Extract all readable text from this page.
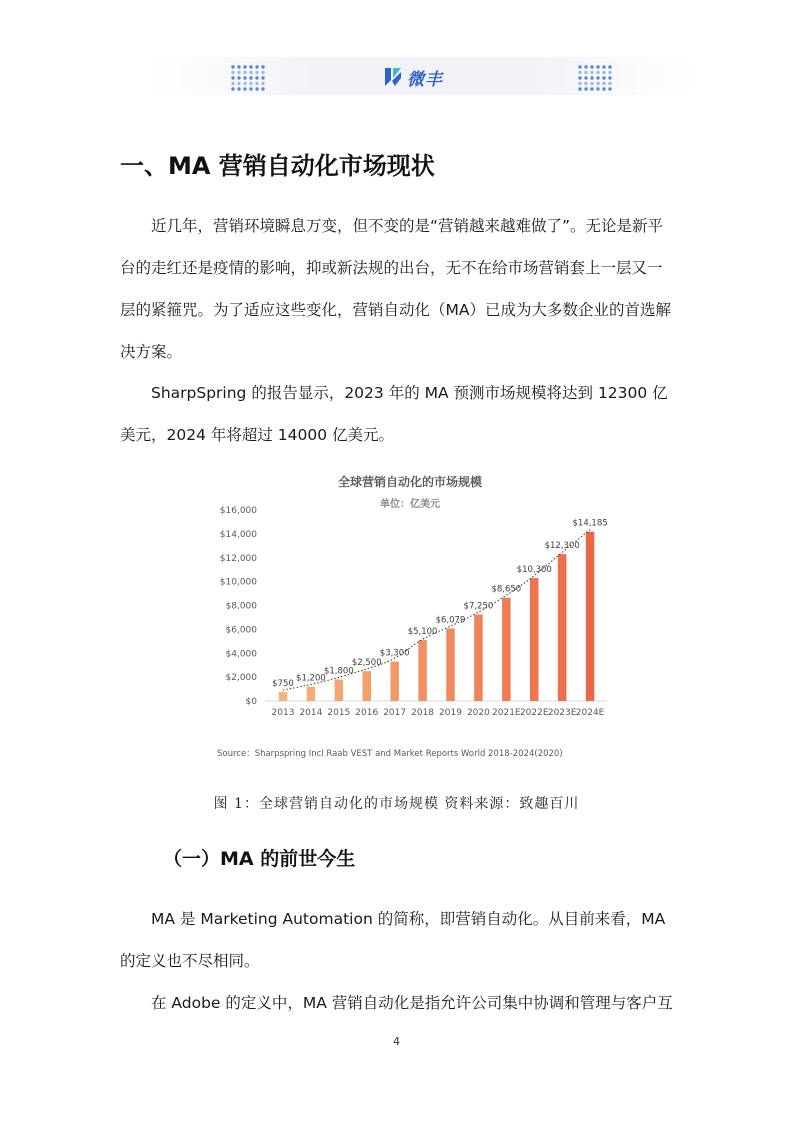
微丰
一、MA 营销自动化市场现状
近几年，营销环境瞬息万变，但不变的是“营销越来越难做了”。无论是新平台的走红还是疫情的影响，抑或新法规的出台，无不在给市场营销套上一层又一层的紧箍咒。为了适应这些变化，营销自动化（MA）已成为大多数企业的首选解决方案。
SharpSpring 的报告显示，2023 年的 MA 预测市场规模将达到 12300 亿美元，2024 年将超过 14000 亿美元。
全球营销自动化的市场规模
单位：亿美元
$0
$2,000
$4,000
$6,000
$8,000
$10,000
$12,000
$14,000
$16,000
$750
$1,200
$1,800
$2,500
$3,300
$5,100
$6,079
$7,250
$8,650
$10,300
$12,300
$14,185
2013 2014 2015 2016 2017 2018 2019 2020 2021E 2022E 2023E 2024E
Source：Sharpspring Incl Raab VEST and Market Reports World 2018-2024(2020)
图 1：全球营销自动化的市场规模 资料来源：致趣百川
（一）MA 的前世今生
MA 是 Marketing Automation 的简称，即营销自动化。从目前来看，MA 的定义也不尽相同。
在 Adobe 的定义中，MA 营销自动化是指允许公司集中协调和管理与客户互
4
